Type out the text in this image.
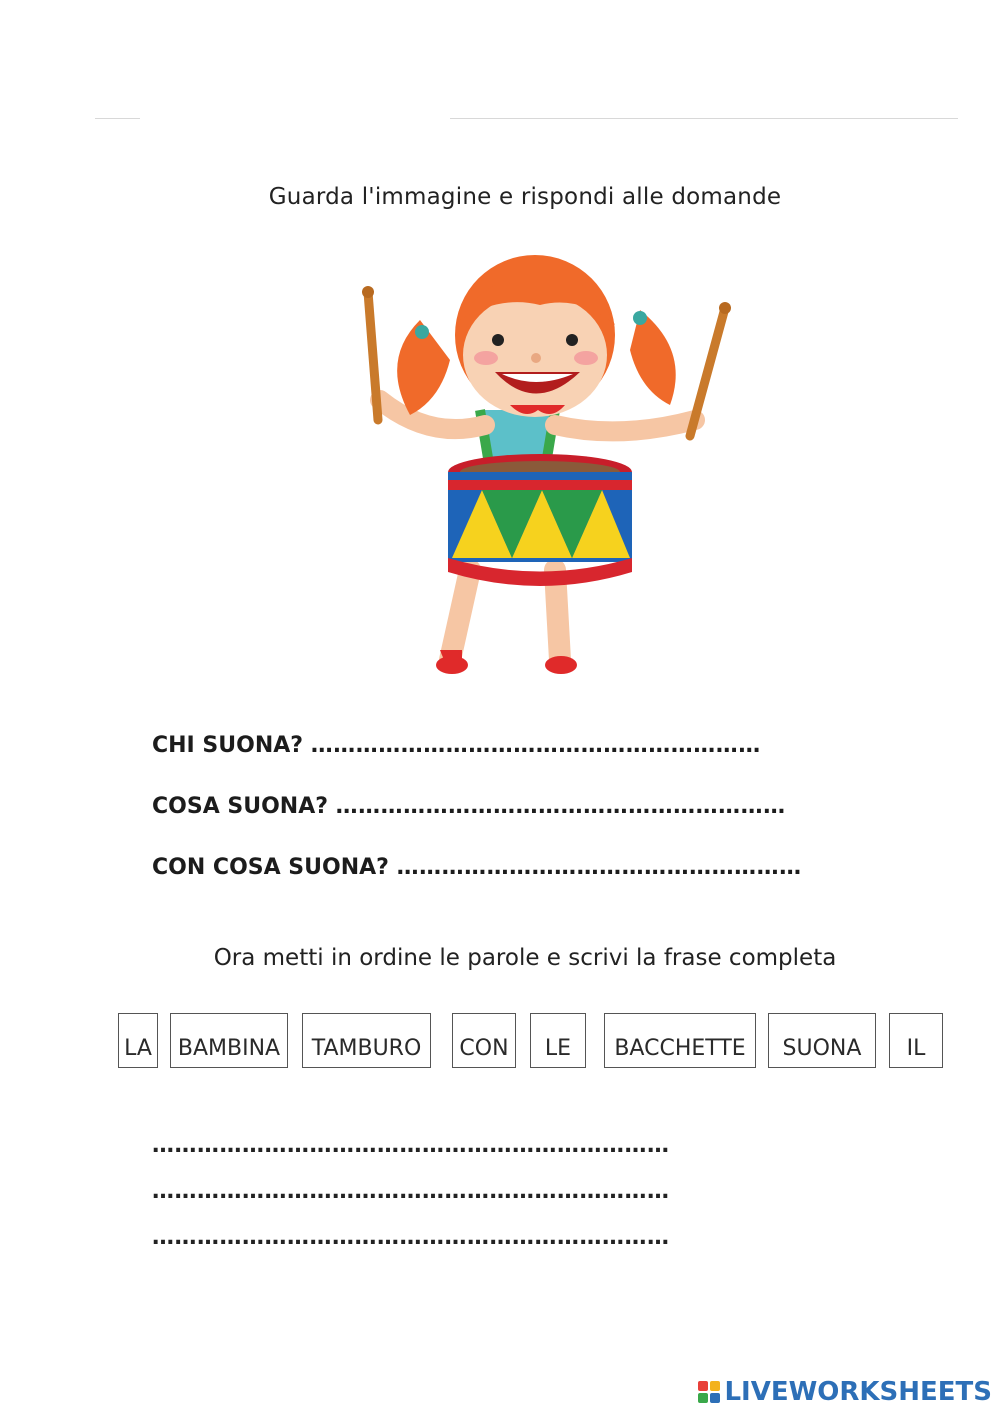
Guarda l'immagine e rispondi alle domande
CHI SUONA? ……………………………………………………
COSA SUONA? ……………………………………………………
CON COSA SUONA? ………………………………………………
Ora metti in ordine le parole e scrivi la frase completa
LA	BAMBINA	TAMBURO	CON	LE	BACCHETTE	SUONA	IL
……………………………………………………………
……………………………………………………………
……………………………………………………………
LIVEWORKSHEETS
